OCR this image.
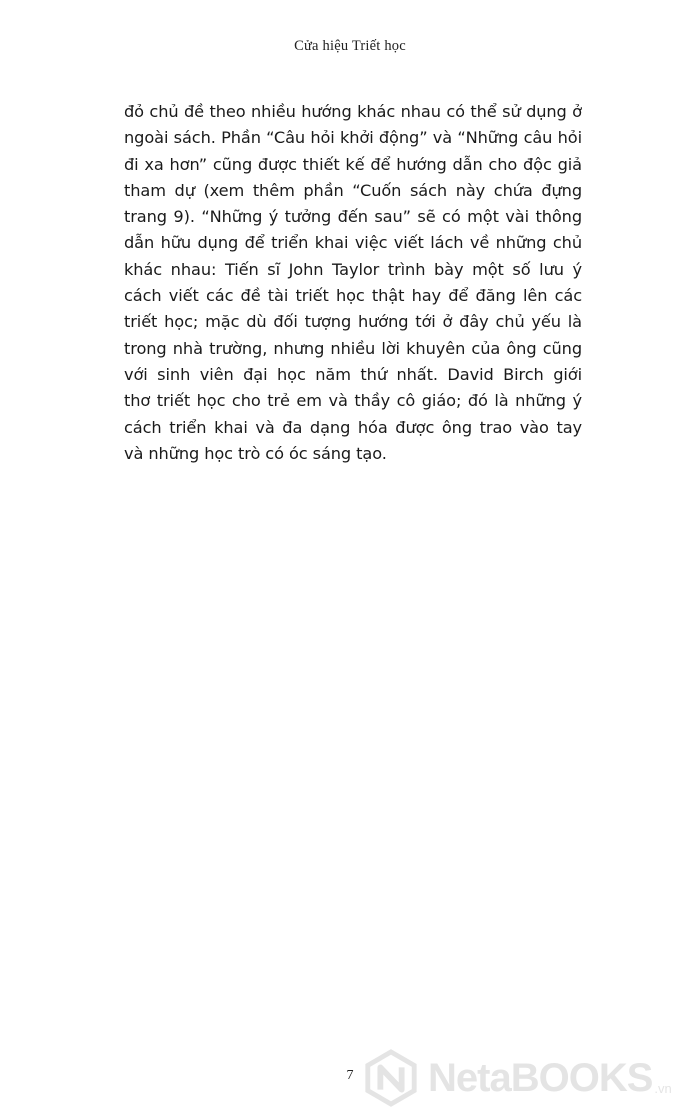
Cửa hiệu Triết học
đỏ chủ đề theo nhiều hướng khác nhau có thể sử dụng ở
ngoài sách. Phần “Câu hỏi khởi động” và “Những câu hỏi
đi xa hơn” cũng được thiết kế để hướng dẫn cho độc giả
tham dự (xem thêm phần “Cuốn sách này chứa đựng
trang 9). “Những ý tưởng đến sau” sẽ có một vài thông
dẫn hữu dụng để triển khai việc viết lách về những chủ
khác nhau: Tiến sĩ John Taylor trình bày một số lưu ý
cách viết các đề tài triết học thật hay để đăng lên các
triết học; mặc dù đối tượng hướng tới ở đây chủ yếu là
trong nhà trường, nhưng nhiều lời khuyên của ông cũng
với sinh viên đại học năm thứ nhất. David Birch giới
thơ triết học cho trẻ em và thầy cô giáo; đó là những ý
cách triển khai và đa dạng hóa được ông trao vào tay
và những học trò có óc sáng tạo.
7	NetaBOOKS .vn
